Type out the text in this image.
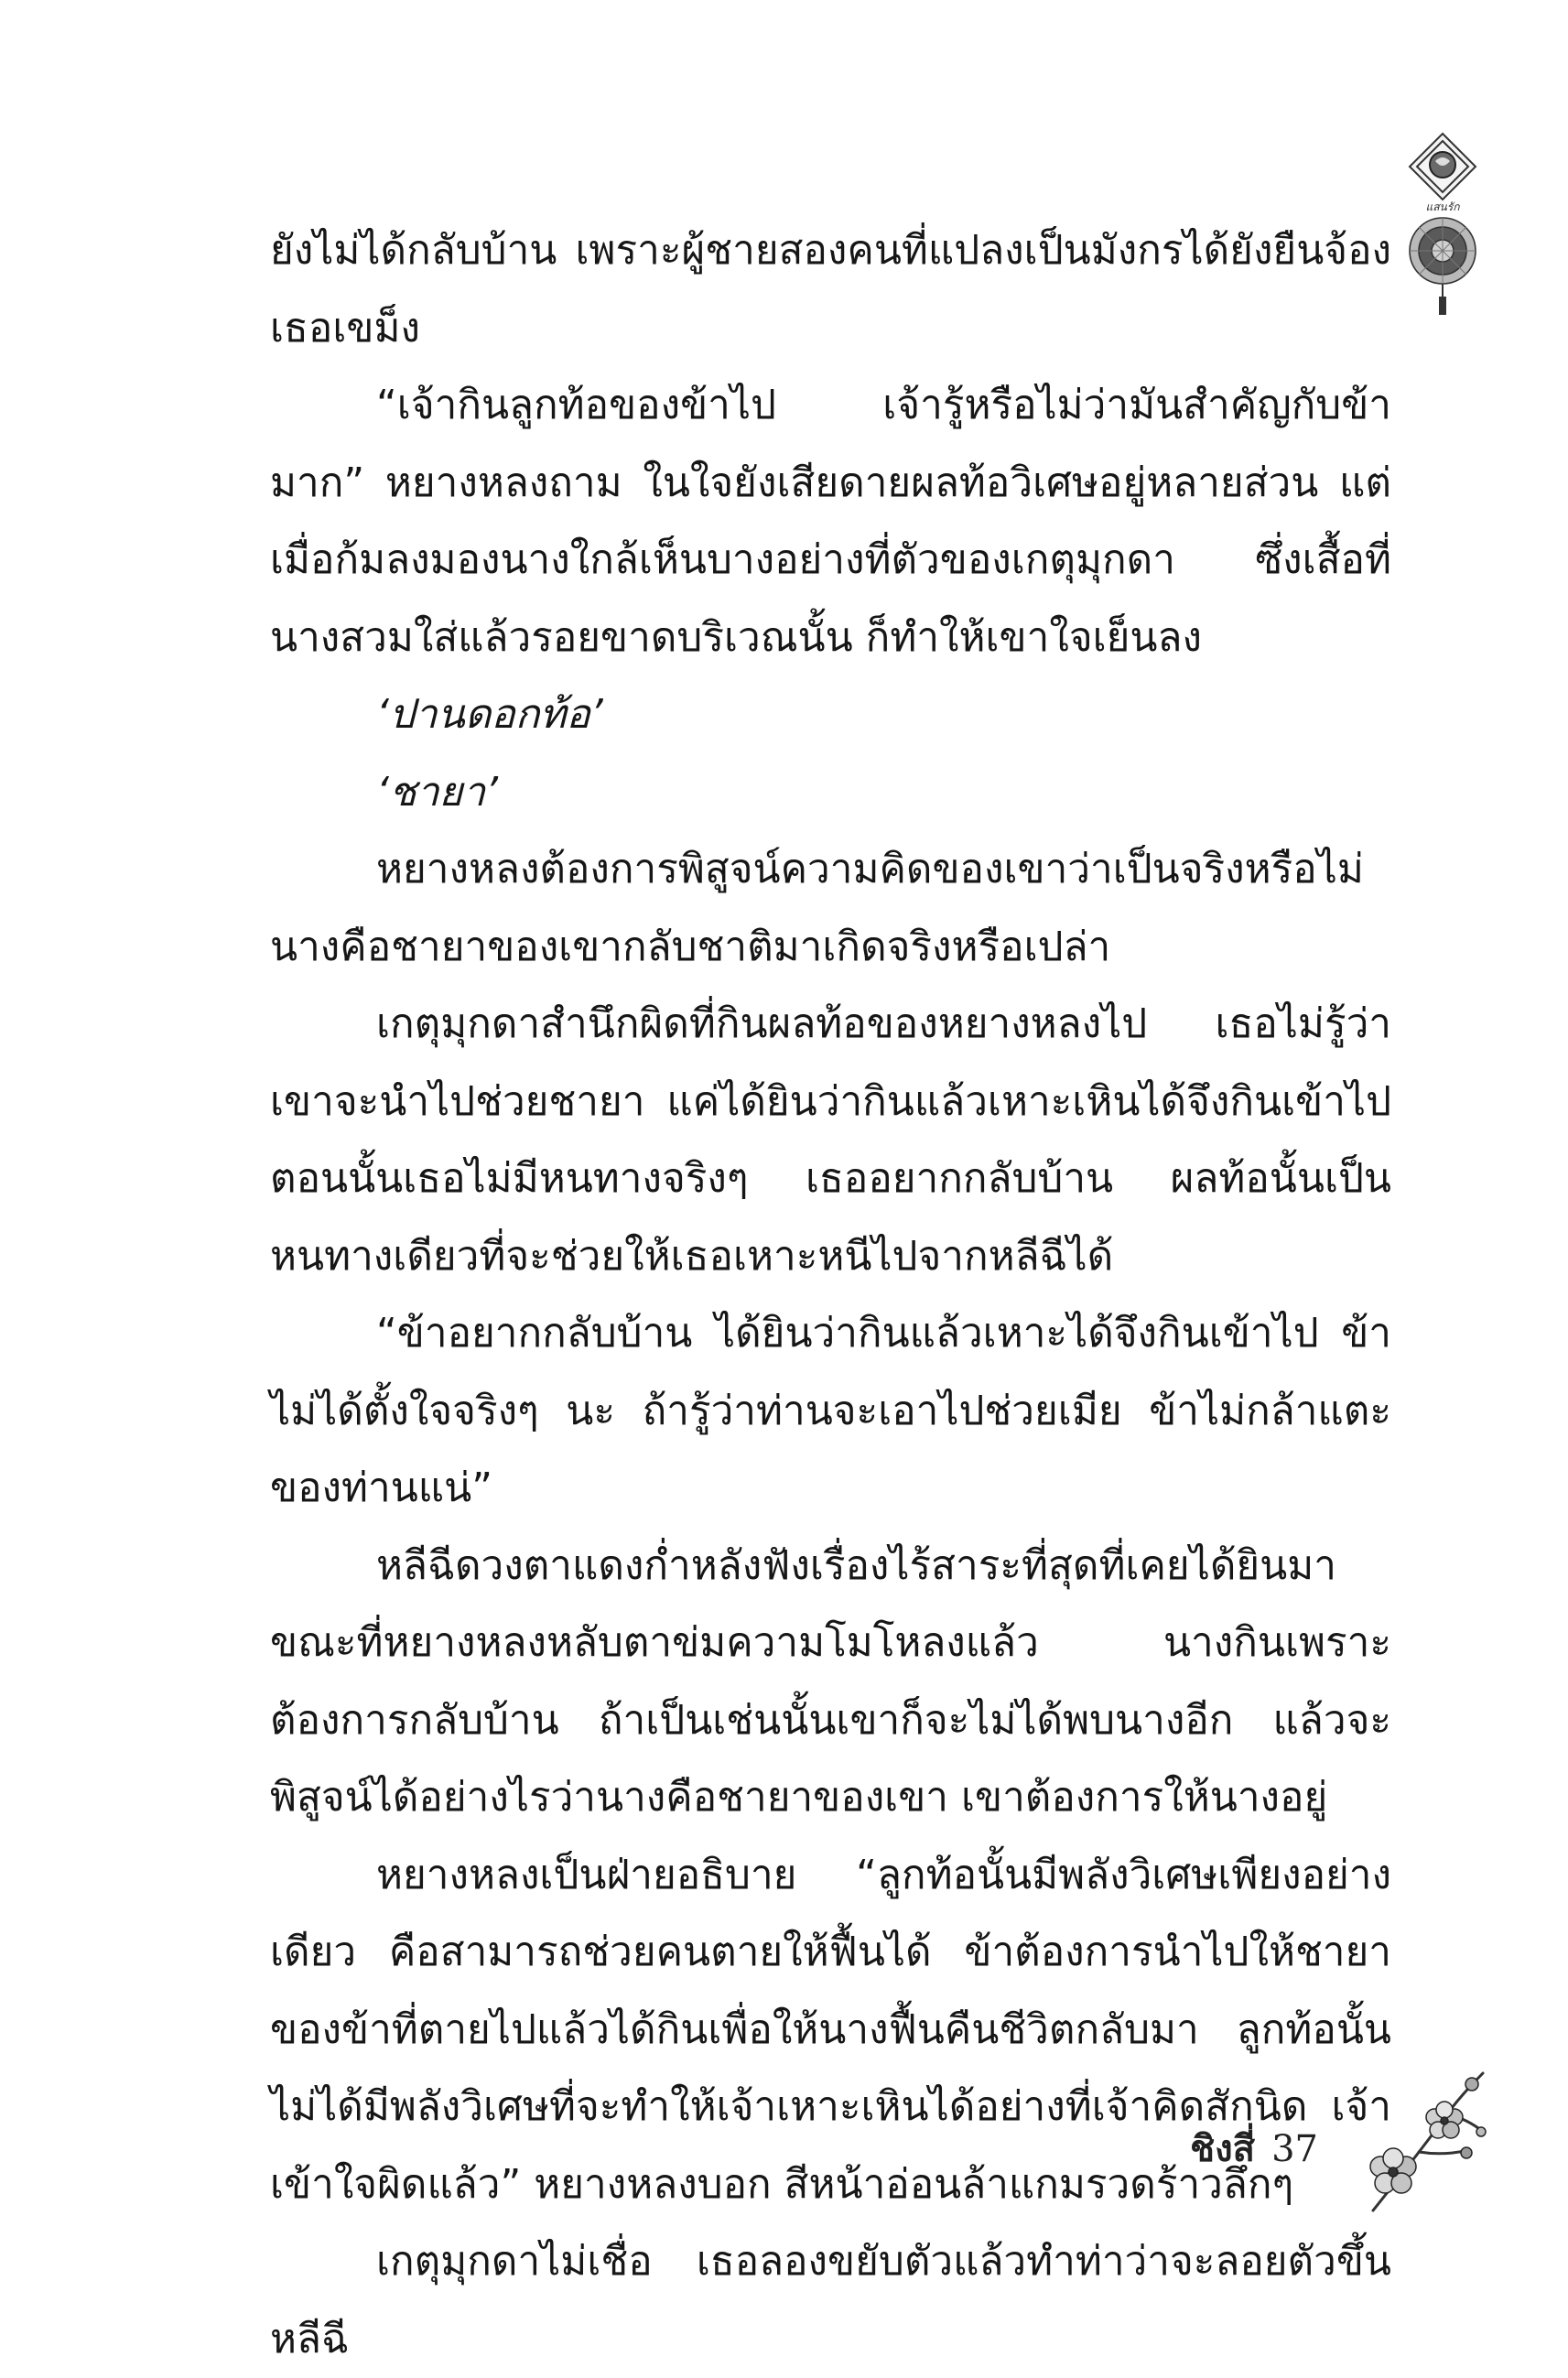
แสนรัก

ยังไม่ได้กลับบ้าน เพราะผู้ชายสองคนที่แปลงเป็นมังกรได้ยังยืนจ้องเธอเขม็ง

“เจ้ากินลูกท้อของข้าไป เจ้ารู้หรือไม่ว่ามันสำคัญกับข้ามาก” หยางหลงถาม ในใจยังเสียดายผลท้อวิเศษอยู่หลายส่วน แต่เมื่อก้มลงมองนางใกล้เห็นบางอย่างที่ตัวของเกตุมุกดา ซึ่งเสื้อที่นางสวมใส่แล้วรอยขาดบริเวณนั้น ก็ทำให้เขาใจเย็นลง

‘ปานดอกท้อ’

‘ชายา’

หยางหลงต้องการพิสูจน์ความคิดของเขาว่าเป็นจริงหรือไม่ นางคือชายาของเขากลับชาติมาเกิดจริงหรือเปล่า

เกตุมุกดาสำนึกผิดที่กินผลท้อของหยางหลงไป เธอไม่รู้ว่าเขาจะนำไปช่วยชายา แค่ได้ยินว่ากินแล้วเหาะเหินได้จึงกินเข้าไป ตอนนั้นเธอไม่มีหนทางจริงๆ เธออยากกลับบ้าน ผลท้อนั้นเป็นหนทางเดียวที่จะช่วยให้เธอเหาะหนีไปจากหลีฉีได้

“ข้าอยากกลับบ้าน ได้ยินว่ากินแล้วเหาะได้จึงกินเข้าไป ข้าไม่ได้ตั้งใจจริงๆ นะ ถ้ารู้ว่าท่านจะเอาไปช่วยเมีย ข้าไม่กล้าแตะของท่านแน่”

หลีฉีดวงตาแดงก่ำหลังฟังเรื่องไร้สาระที่สุดที่เคยได้ยินมา ขณะที่หยางหลงหลับตาข่มความโมโหลงแล้ว นางกินเพราะต้องการกลับบ้าน ถ้าเป็นเช่นนั้นเขาก็จะไม่ได้พบนางอีก แล้วจะพิสูจน์ได้อย่างไรว่านางคือชายาของเขา เขาต้องการให้นางอยู่

หยางหลงเป็นฝ่ายอธิบาย “ลูกท้อนั้นมีพลังวิเศษเพียงอย่างเดียว คือสามารถช่วยคนตายให้ฟื้นได้ ข้าต้องการนำไปให้ชายาของข้าที่ตายไปแล้วได้กินเพื่อให้นางฟื้นคืนชีวิตกลับมา ลูกท้อนั้นไม่ได้มีพลังวิเศษที่จะทำให้เจ้าเหาะเหินได้อย่างที่เจ้าคิดสักนิด เจ้าเข้าใจผิดแล้ว” หยางหลงบอก สีหน้าอ่อนล้าแกมรวดร้าวลึกๆ

เกตุมุกดาไม่เชื่อ เธอลองขยับตัวแล้วทำท่าว่าจะลอยตัวขึ้น หลีฉี

ชิงสี่ 37
